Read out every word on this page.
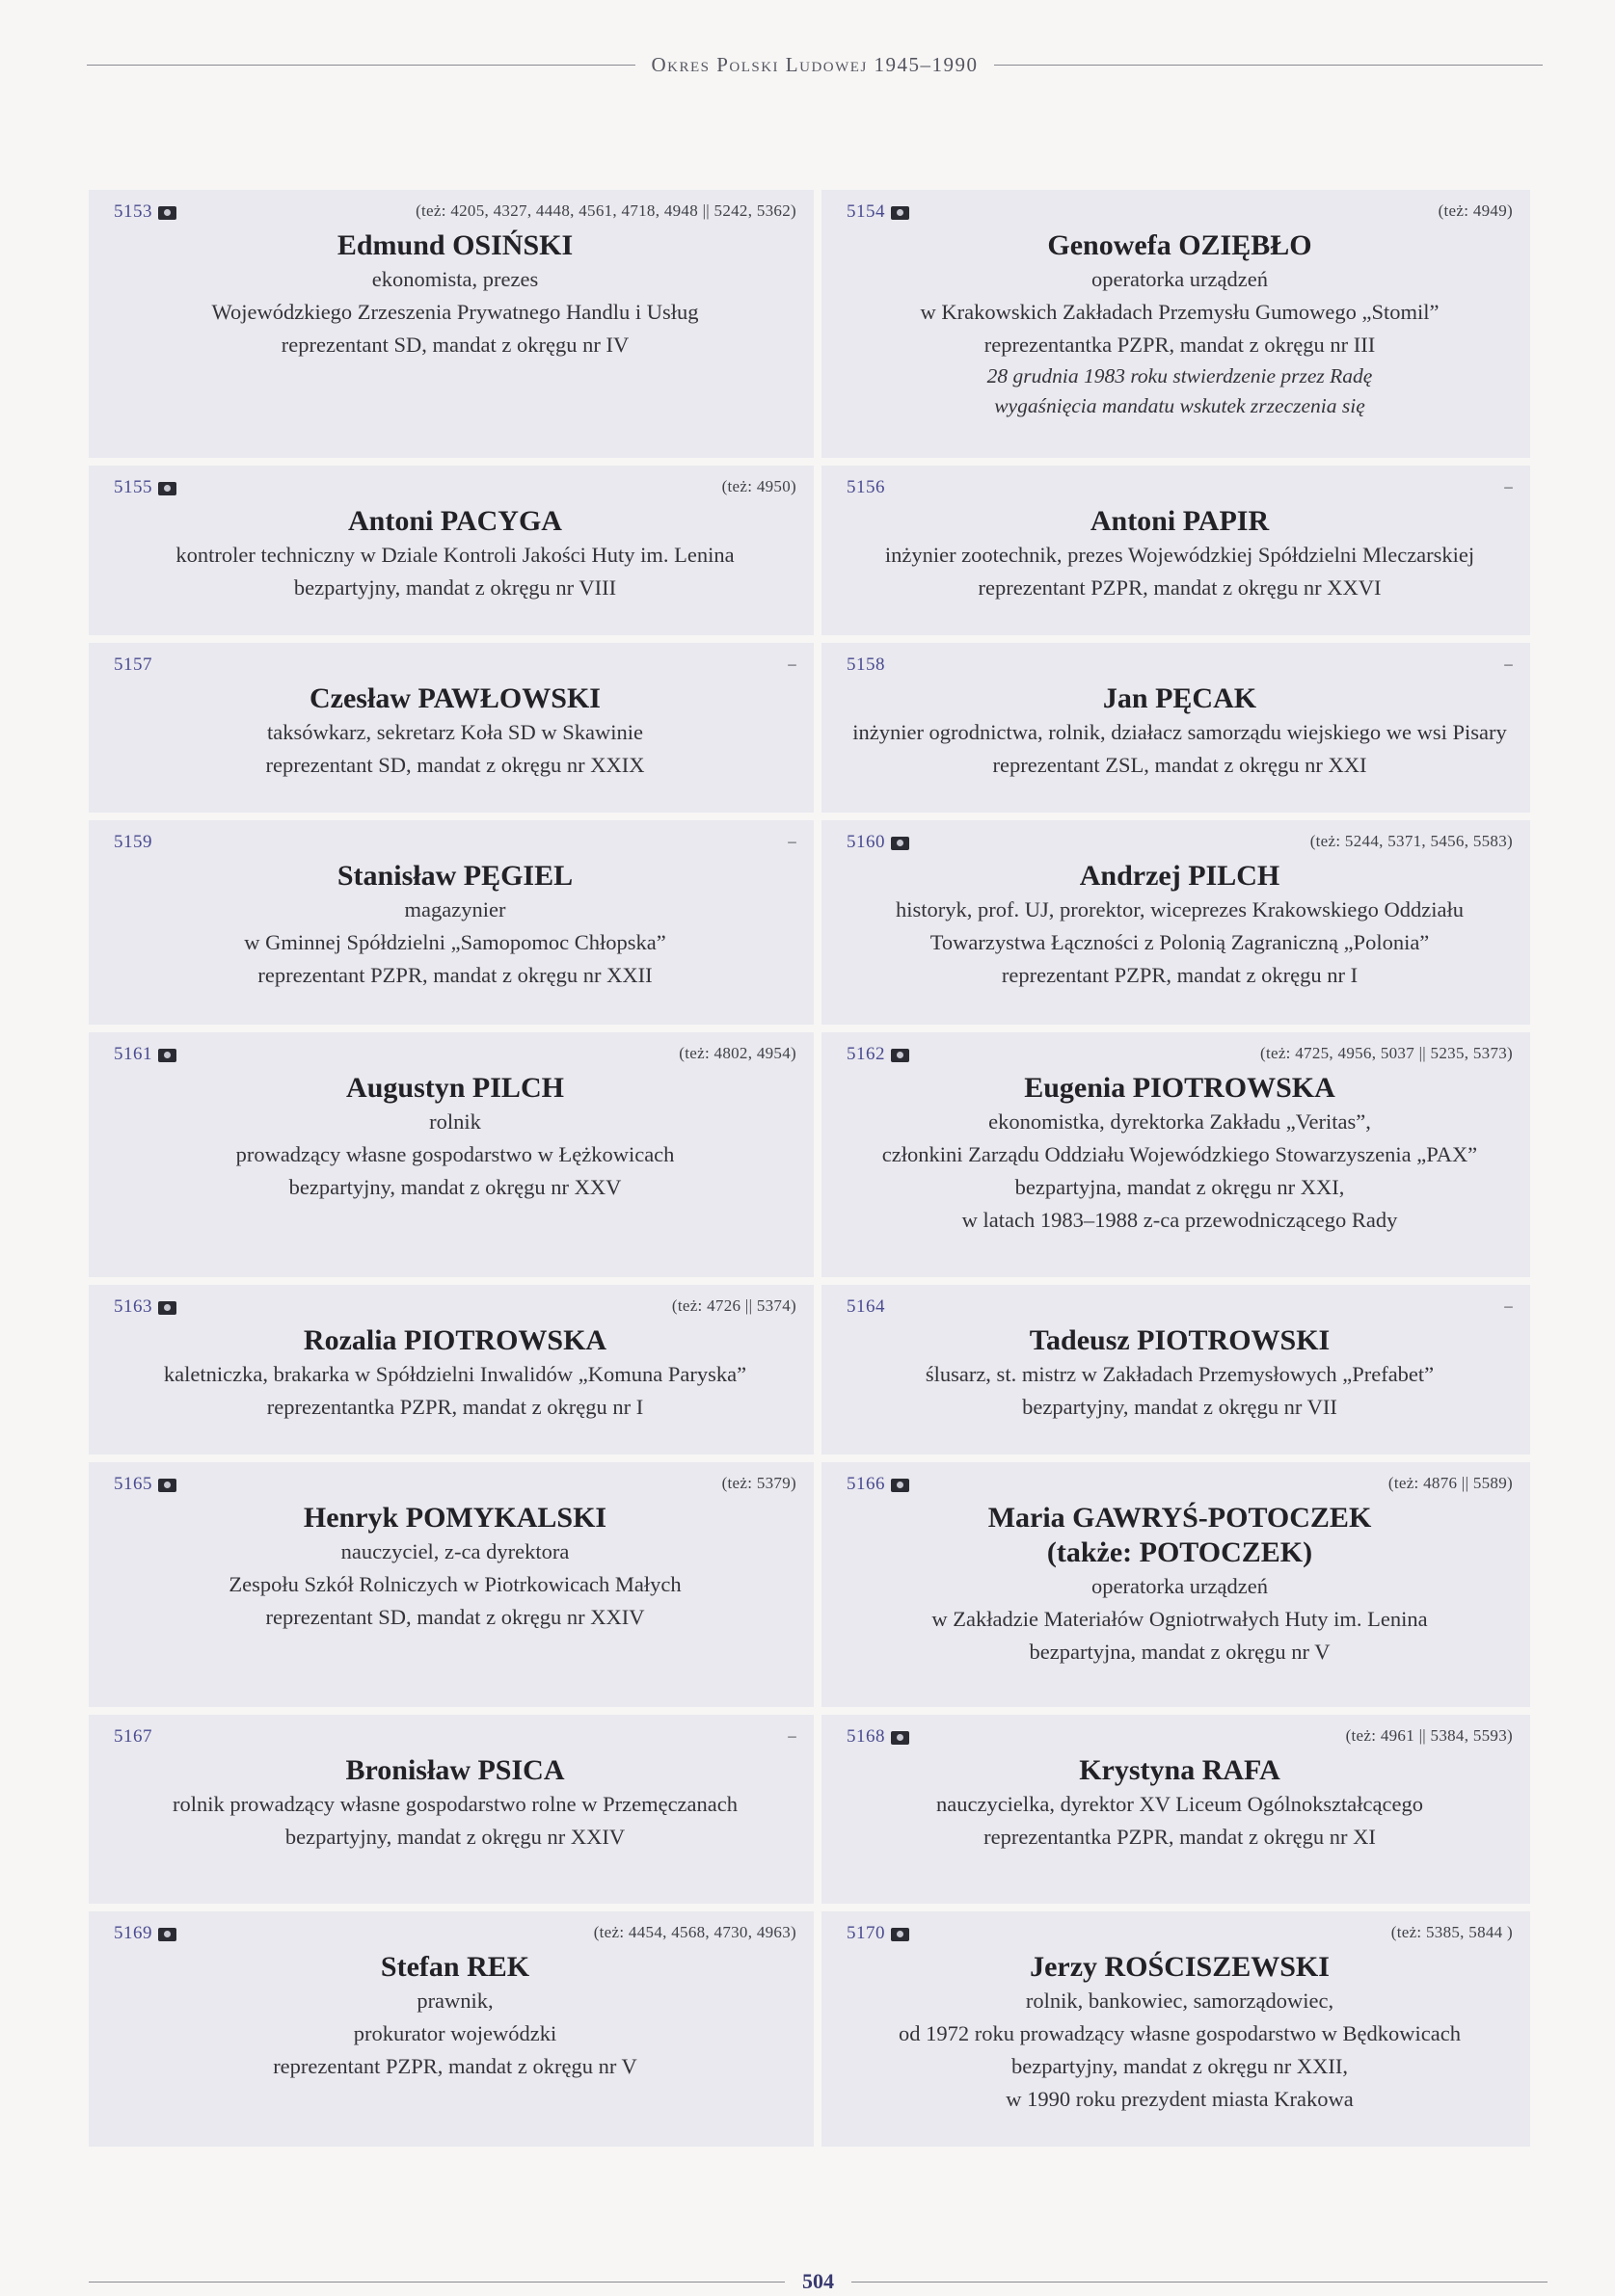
Okres Polski Ludowej 1945–1990
5153	(też: 4205, 4327, 4448, 4561, 4718, 4948 || 5242, 5362)
Edmund OSIŃSKI
ekonomista, prezes
Wojewódzkiego Zrzeszenia Prywatnego Handlu i Usług
reprezentant SD, mandat z okręgu nr IV
5154	(też: 4949)
Genowefa OZIĘBŁO
operatorka urządzeń
w Krakowskich Zakładach Przemysłu Gumowego „Stomil”
reprezentantka PZPR, mandat z okręgu nr III
28 grudnia 1983 roku stwierdzenie przez Radę
wygaśnięcia mandatu wskutek zrzeczenia się
5155	(też: 4950)
Antoni PACYGA
kontroler techniczny w Dziale Kontroli Jakości Huty im. Lenina
bezpartyjny, mandat z okręgu nr VIII
5156	–
Antoni PAPIR
inżynier zootechnik, prezes Wojewódzkiej Spółdzielni Mleczarskiej
reprezentant PZPR, mandat z okręgu nr XXVI
5157	–
Czesław PAWŁOWSKI
taksówkarz, sekretarz Koła SD w Skawinie
reprezentant SD, mandat z okręgu nr XXIX
5158	–
Jan PĘCAK
inżynier ogrodnictwa, rolnik, działacz samorządu wiejskiego we wsi Pisary
reprezentant ZSL, mandat z okręgu nr XXI
5159	–
Stanisław PĘGIEL
magazynier
w Gminnej Spółdzielni „Samopomoc Chłopska”
reprezentant PZPR, mandat z okręgu nr XXII
5160	(też: 5244, 5371, 5456, 5583)
Andrzej PILCH
historyk, prof. UJ, prorektor, wiceprezes Krakowskiego Oddziału
Towarzystwa Łączności z Polonią Zagraniczną „Polonia”
reprezentant PZPR, mandat z okręgu nr I
5161	(też: 4802, 4954)
Augustyn PILCH
rolnik
prowadzący własne gospodarstwo w Łężkowicach
bezpartyjny, mandat z okręgu nr XXV
5162	(też: 4725, 4956, 5037 || 5235, 5373)
Eugenia PIOTROWSKA
ekonomistka, dyrektorka Zakładu „Veritas”,
członkini Zarządu Oddziału Wojewódzkiego Stowarzyszenia „PAX”
bezpartyjna, mandat z okręgu nr XXI,
w latach 1983–1988 z-ca przewodniczącego Rady
5163	(też: 4726 || 5374)
Rozalia PIOTROWSKA
kaletniczka, brakarka w Spółdzielni Inwalidów „Komuna Paryska”
reprezentantka PZPR, mandat z okręgu nr I
5164	–
Tadeusz PIOTROWSKI
ślusarz, st. mistrz w Zakładach Przemysłowych „Prefabet”
bezpartyjny, mandat z okręgu nr VII
5165	(też: 5379)
Henryk POMYKALSKI
nauczyciel, z-ca dyrektora
Zespołu Szkół Rolniczych w Piotrkowicach Małych
reprezentant SD, mandat z okręgu nr XXIV
5166	(też: 4876 || 5589)
Maria GAWRYŚ-POTOCZEK
(także: POTOCZEK)
operatorka urządzeń
w Zakładzie Materiałów Ogniotrwałych Huty im. Lenina
bezpartyjna, mandat z okręgu nr V
5167	–
Bronisław PSICA
rolnik prowadzący własne gospodarstwo rolne w Przemęczanach
bezpartyjny, mandat z okręgu nr XXIV
5168	(też: 4961 || 5384, 5593)
Krystyna RAFA
nauczycielka, dyrektor XV Liceum Ogólnokształcącego
reprezentantka PZPR, mandat z okręgu nr XI
5169	(też: 4454, 4568, 4730, 4963)
Stefan REK
prawnik,
prokurator wojewódzki
reprezentant PZPR, mandat z okręgu nr V
5170	(też: 5385, 5844 )
Jerzy ROŚCISZEWSKI
rolnik, bankowiec, samorządowiec,
od 1972 roku prowadzący własne gospodarstwo w Będkowicach
bezpartyjny, mandat z okręgu nr XXII,
w 1990 roku prezydent miasta Krakowa
504
